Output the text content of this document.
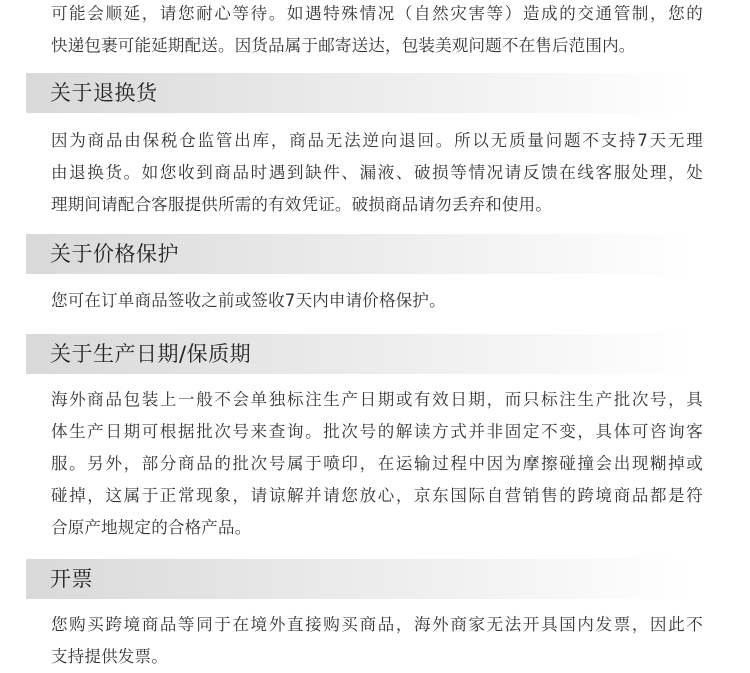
可能会顺延，请您耐心等待。如遇特殊情况（自然灾害等）造成的交通管制，您的
快递包裹可能延期配送。因货品属于邮寄送达，包装美观问题不在售后范围内。
关于退换货
因为商品由保税仓监管出库，商品无法逆向退回。所以无质量问题不支持7天无理
由退换货。如您收到商品时遇到缺件、漏液、破损等情况请反馈在线客服处理，处
理期间请配合客服提供所需的有效凭证。破损商品请勿丢弃和使用。
关于价格保护
您可在订单商品签收之前或签收7天内申请价格保护。
关于生产日期/保质期
海外商品包装上一般不会单独标注生产日期或有效日期，而只标注生产批次号，具
体生产日期可根据批次号来查询。批次号的解读方式并非固定不变，具体可咨询客
服。另外，部分商品的批次号属于喷印，在运输过程中因为摩擦碰撞会出现糊掉或
碰掉，这属于正常现象，请谅解并请您放心，京东国际自营销售的跨境商品都是符
合原产地规定的合格产品。
开票
您购买跨境商品等同于在境外直接购买商品，海外商家无法开具国内发票，因此不
支持提供发票。
